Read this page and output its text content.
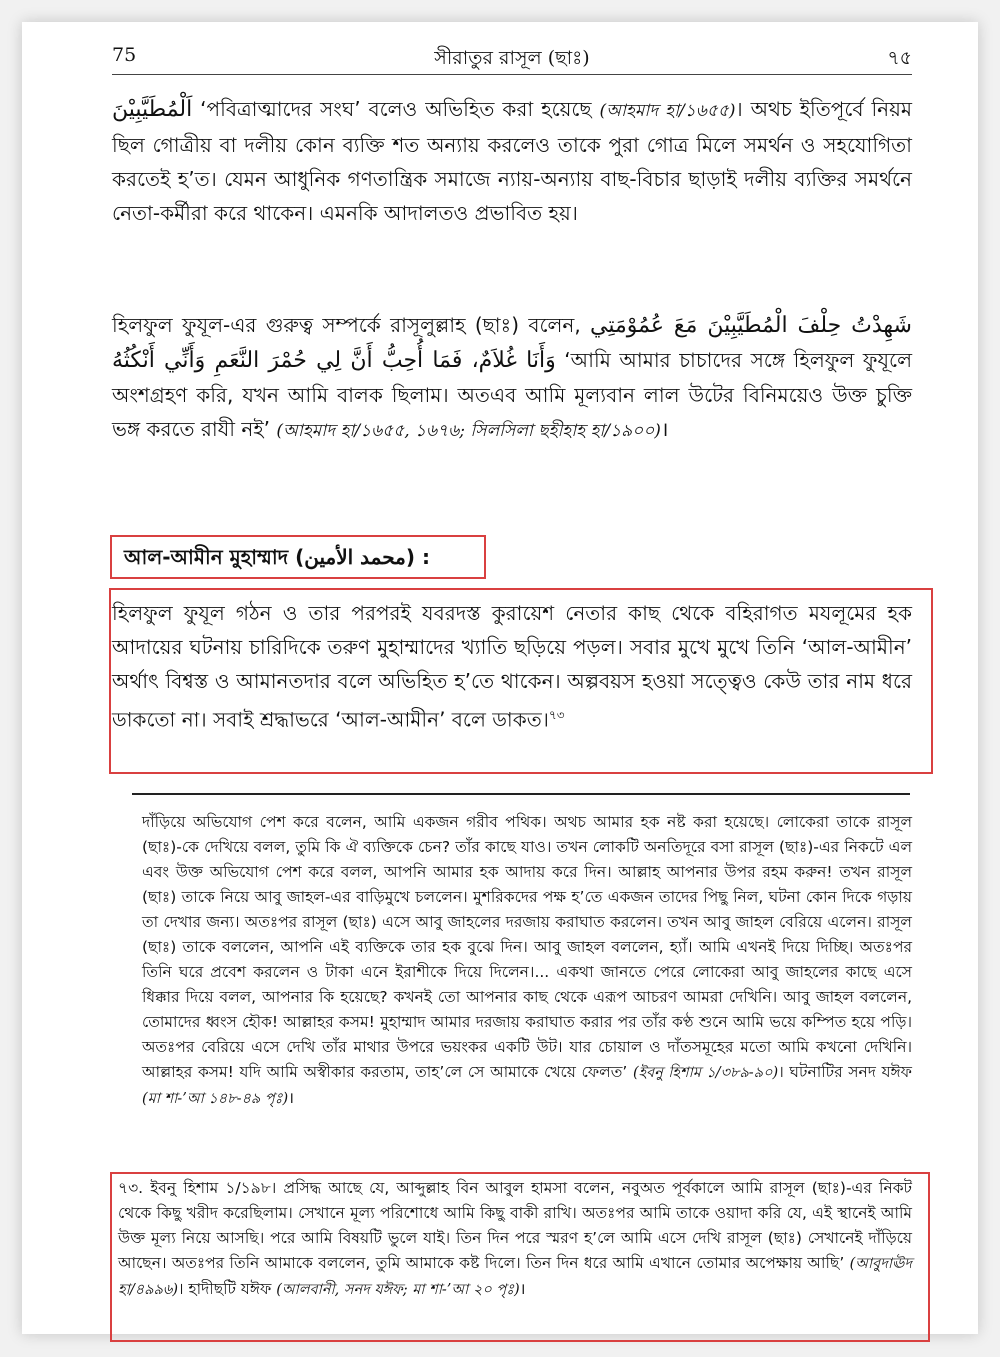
75	সীরাতুর রাসূল (ছাঃ)	৭৫

اَلْمُطَيَّبِيْنَ ‘পবিত্রাত্মাদের সংঘ’ বলেও অভিহিত করা হয়েছে (আহমাদ হা/১৬৫৫)। অথচ ইতিপূর্বে নিয়ম ছিল গোত্রীয় বা দলীয় কোন ব্যক্তি শত অন্যায় করলেও তাকে পুরা গোত্র মিলে সমর্থন ও সহযোগিতা করতেই হ’ত। যেমন আধুনিক গণতান্ত্রিক সমাজে ন্যায়-অন্যায় বাছ-বিচার ছাড়াই দলীয় ব্যক্তির সমর্থনে নেতা-কর্মীরা করে থাকেন। এমনকি আদালতও প্রভাবিত হয়।

হিলফুল ফুযূল-এর গুরুত্ব সম্পর্কে রাসূলুল্লাহ (ছাঃ) বলেন, شَهِدْتُ حِلْفَ الْمُطَيَّبِيْنَ مَعَ عُمُوْمَتِي وَأَنَا غُلاَمٌ، فَمَا أُحِبُّ أَنَّ لِي حُمْرَ النَّعَمِ وَأَنِّي أَنْكُثُهُ ‘আমি আমার চাচাদের সঙ্গে হিলফুল ফুযূলে অংশগ্রহণ করি, যখন আমি বালক ছিলাম। অতএব আমি মূল্যবান লাল উটের বিনিময়েও উক্ত চুক্তি ভঙ্গ করতে রাযী নই’ (আহমাদ হা/১৬৫৫, ১৬৭৬; সিলসিলা ছহীহাহ হা/১৯০০)।

আল-আমীন মুহাম্মাদ (محمد الأمين) :

হিলফুল ফুযূল গঠন ও তার পরপরই যবরদস্ত কুরায়েশ নেতার কাছ থেকে বহিরাগত মযলূমের হক আদায়ের ঘটনায় চারিদিকে তরুণ মুহাম্মাদের খ্যাতি ছড়িয়ে পড়ল। সবার মুখে মুখে তিনি ‘আল-আমীন’ অর্থাৎ বিশ্বস্ত ও আমানতদার বলে অভিহিত হ’তে থাকেন। অল্পবয়স হওয়া সত্ত্বেও কেউ তার নাম ধরে ডাকতো না। সবাই শ্রদ্ধাভরে ‘আল-আমীন’ বলে ডাকত।$^{৭৩}$

দাঁড়িয়ে অভিযোগ পেশ করে বলেন, আমি একজন গরীব পথিক। অথচ আমার হক নষ্ট করা হয়েছে। লোকেরা তাকে রাসূল (ছাঃ)-কে দেখিয়ে বলল, তুমি কি ঐ ব্যক্তিকে চেন? তাঁর কাছে যাও। তখন লোকটি অনতিদূরে বসা রাসূল (ছাঃ)-এর নিকটে এল এবং উক্ত অভিযোগ পেশ করে বলল, আপনি আমার হক আদায় করে দিন। আল্লাহ আপনার উপর রহম করুন! তখন রাসূল (ছাঃ) তাকে নিয়ে আবু জাহল-এর বাড়িমুখে চললেন। মুশরিকদের পক্ষ হ’তে একজন তাদের পিছু নিল, ঘটনা কোন দিকে গড়ায় তা দেখার জন্য। অতঃপর রাসূল (ছাঃ) এসে আবু জাহলের দরজায় করাঘাত করলেন। তখন আবু জাহল বেরিয়ে এলেন। রাসূল (ছাঃ) তাকে বললেন, আপনি এই ব্যক্তিকে তার হক বুঝে দিন। আবু জাহল বললেন, হ্যাঁ। আমি এখনই দিয়ে দিচ্ছি। অতঃপর তিনি ঘরে প্রবেশ করলেন ও টাকা এনে ইরাশীকে দিয়ে দিলেন।... একথা জানতে পেরে লোকেরা আবু জাহলের কাছে এসে ধিক্কার দিয়ে বলল, আপনার কি হয়েছে? কখনই তো আপনার কাছ থেকে এরূপ আচরণ আমরা দেখিনি। আবু জাহল বললেন, তোমাদের ধ্বংস হৌক! আল্লাহর কসম! মুহাম্মাদ আমার দরজায় করাঘাত করার পর তাঁর কণ্ঠ শুনে আমি ভয়ে কম্পিত হয়ে পড়ি। অতঃপর বেরিয়ে এসে দেখি তাঁর মাথার উপরে ভয়ংকর একটি উট। যার চোয়াল ও দাঁতসমূহের মতো আমি কখনো দেখিনি। আল্লাহর কসম! যদি আমি অস্বীকার করতাম, তাহ’লে সে আমাকে খেয়ে ফেলত’ (ইবনু হিশাম ১/৩৮৯-৯০)। ঘটনাটির সনদ যঈফ (মা শা-’আ ১৪৮-৪৯ পৃঃ)।

৭৩. ইবনু হিশাম ১/১৯৮। প্রসিদ্ধ আছে যে, আব্দুল্লাহ বিন আবুল হামসা বলেন, নবুঅত পূর্বকালে আমি রাসূল (ছাঃ)-এর নিকট থেকে কিছু খরীদ করেছিলাম। সেখানে মূল্য পরিশোধে আমি কিছু বাকী রাখি। অতঃপর আমি তাকে ওয়াদা করি যে, এই স্থানেই আমি উক্ত মূল্য নিয়ে আসছি। পরে আমি বিষয়টি ভুলে যাই। তিন দিন পরে স্মরণ হ’লে আমি এসে দেখি রাসূল (ছাঃ) সেখানেই দাঁড়িয়ে আছেন। অতঃপর তিনি আমাকে বললেন, তুমি আমাকে কষ্ট দিলে। তিন দিন ধরে আমি এখানে তোমার অপেক্ষায় আছি’ (আবুদাঊদ হা/৪৯৯৬)। হাদীছটি যঈফ (আলবানী, সনদ যঈফ; মা শা-’আ ২০ পৃঃ)।
